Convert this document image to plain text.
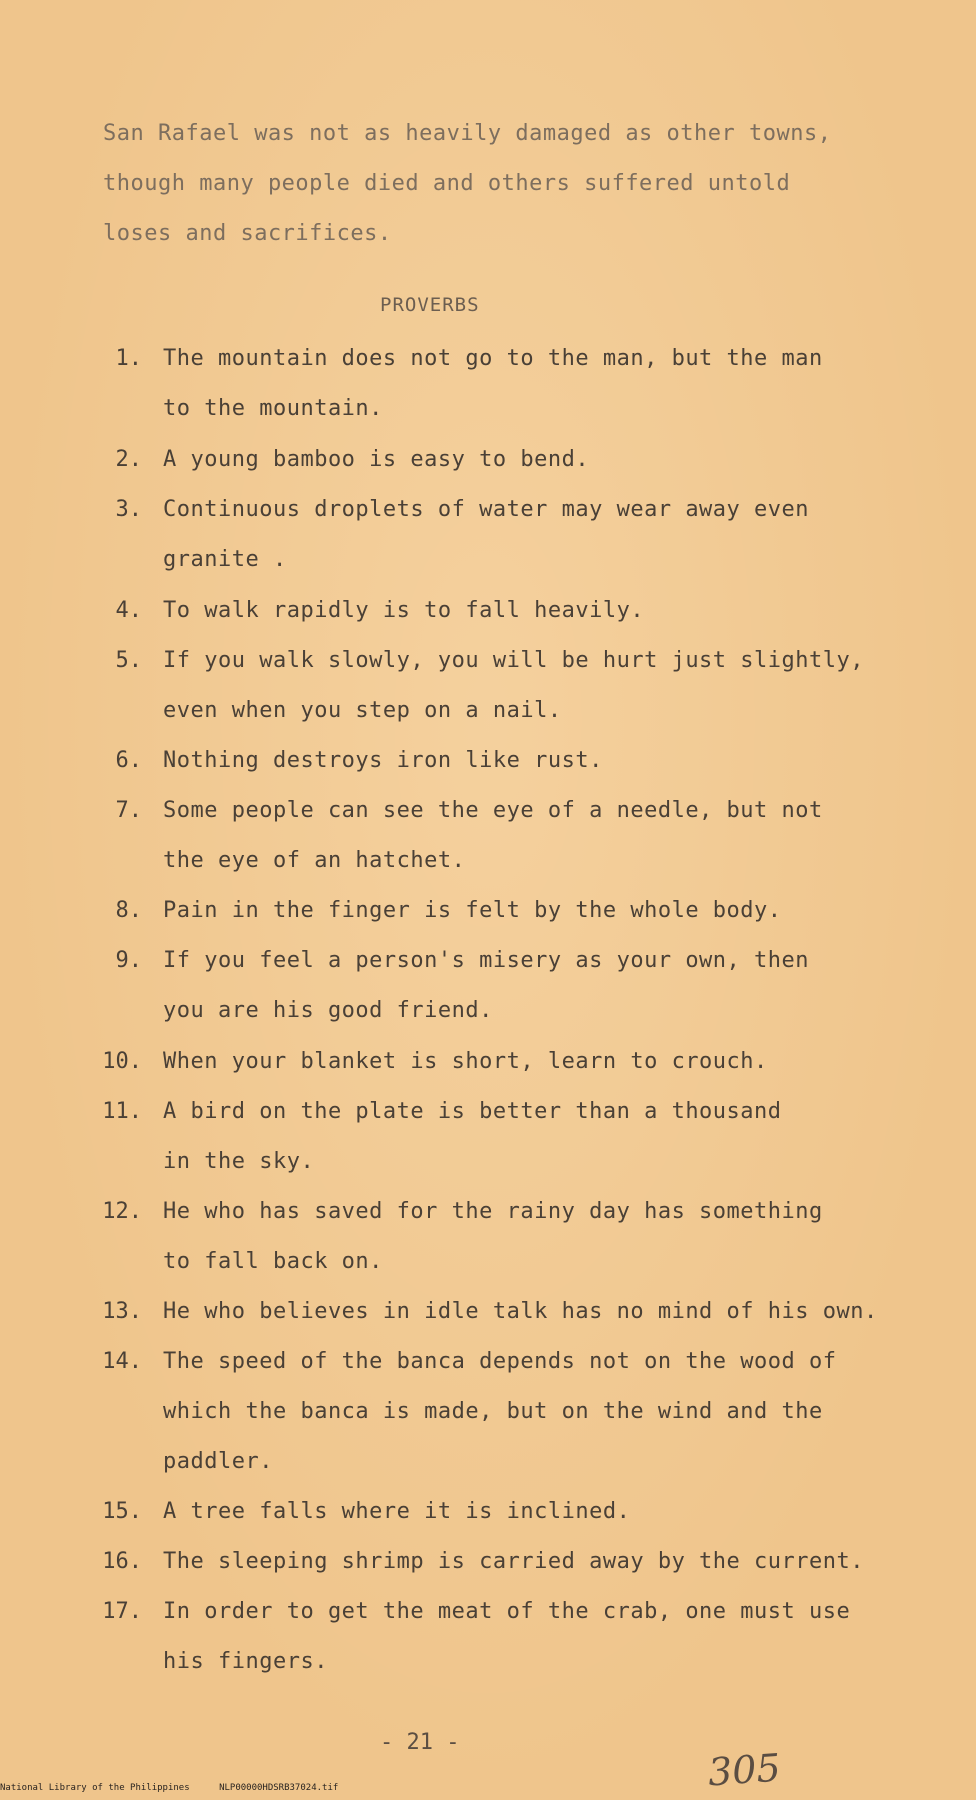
San Rafael was not as heavily damaged as other towns,
though many people died and others suffered untold
loses and sacrifices.
PROVERBS
1. The mountain does not go to the man, but the man
to the mountain.
2. A young bamboo is easy to bend.
3. Continuous droplets of water may wear away even
granite .
4. To walk rapidly is to fall heavily.
5. If you walk slowly, you will be hurt just slightly,
even when you step on a nail.
6. Nothing destroys iron like rust.
7. Some people can see the eye of a needle, but not
the eye of an hatchet.
8. Pain in the finger is felt by the whole body.
9. If you feel a person's misery as your own, then
you are his good friend.
10. When your blanket is short, learn to crouch.
11. A bird on the plate is better than a thousand
in the sky.
12. He who has saved for the rainy day has something
to fall back on.
13. He who believes in idle talk has no mind of his own.
14. The speed of the banca depends not on the wood of
which the banca is made, but on the wind and the
paddler.
15. A tree falls where it is inclined.
16. The sleeping shrimp is carried away by the current.
17. In order to get the meat of the crab, one must use
his fingers.
- 21 -
305
National Library of the Philippines	NLP00000HDSRB37024.tif
